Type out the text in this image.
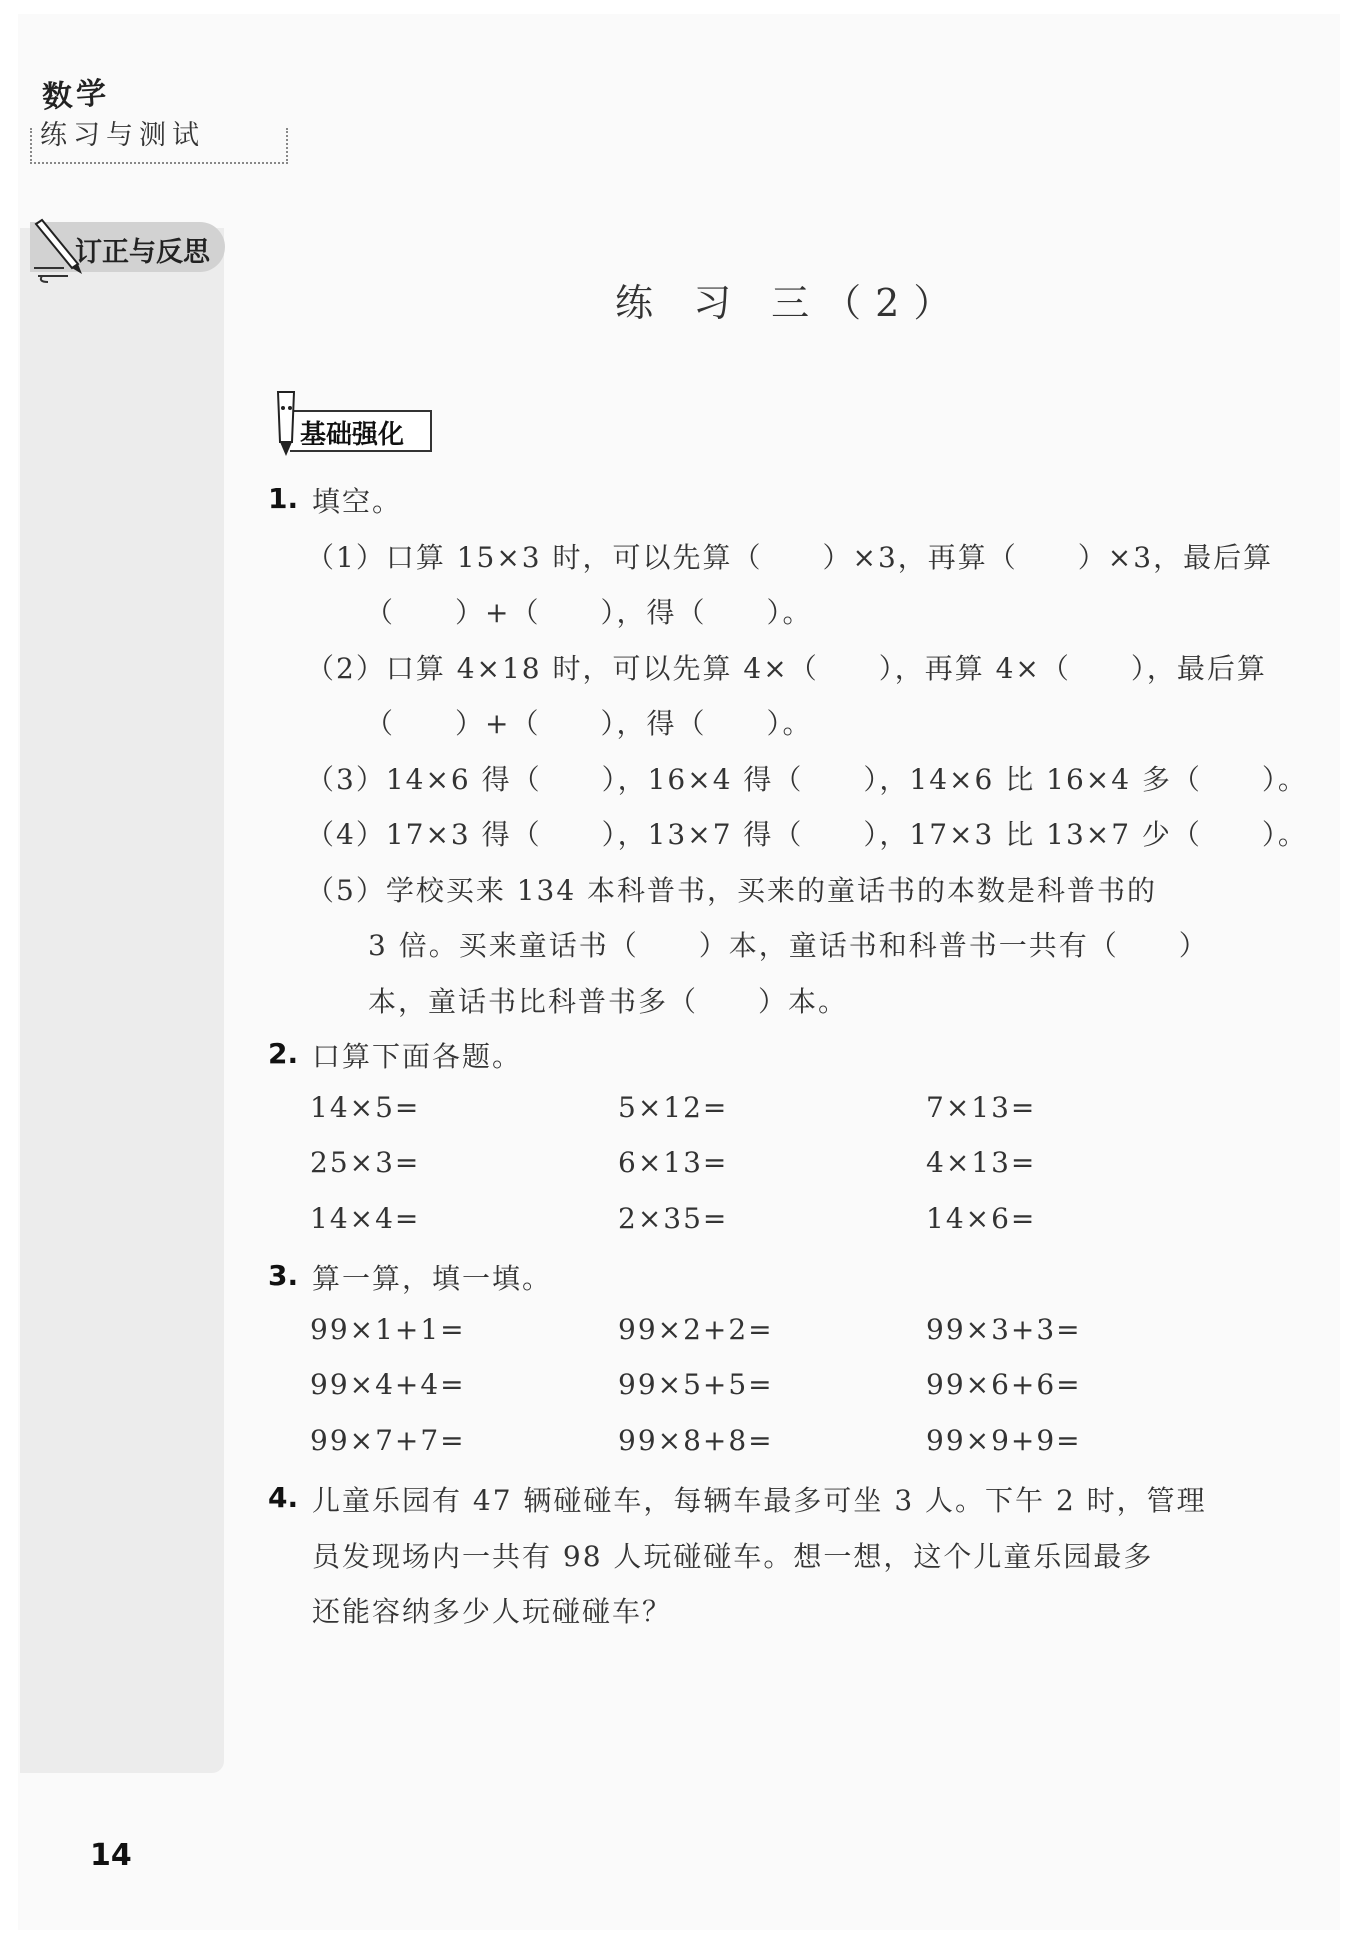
数学
练习与测试
订正与反思
练 习 三（2）
基础强化
1. 填空。
（1）口算 15×3 时，可以先算（　　）×3，再算（　　）×3，最后算
（　　）+（　　），得（　　）。
（2）口算 4×18 时，可以先算 4×（　　），再算 4×（　　），最后算
（　　）+（　　），得（　　）。
（3）14×6 得（　　），16×4 得（　　），14×6 比 16×4 多（　　）。
（4）17×3 得（　　），13×7 得（　　），17×3 比 13×7 少（　　）。
（5）学校买来 134 本科普书，买来的童话书的本数是科普书的
3 倍。买来童话书（　　）本，童话书和科普书一共有（　　）
本，童话书比科普书多（　　）本。
2. 口算下面各题。
14×5=	5×12=	7×13=
25×3=	6×13=	4×13=
14×4=	2×35=	14×6=
3. 算一算，填一填。
99×1+1=	99×2+2=	99×3+3=
99×4+4=	99×5+5=	99×6+6=
99×7+7=	99×8+8=	99×9+9=
4. 儿童乐园有 47 辆碰碰车，每辆车最多可坐 3 人。下午 2 时，管理
员发现场内一共有 98 人玩碰碰车。想一想，这个儿童乐园最多
还能容纳多少人玩碰碰车？
14
